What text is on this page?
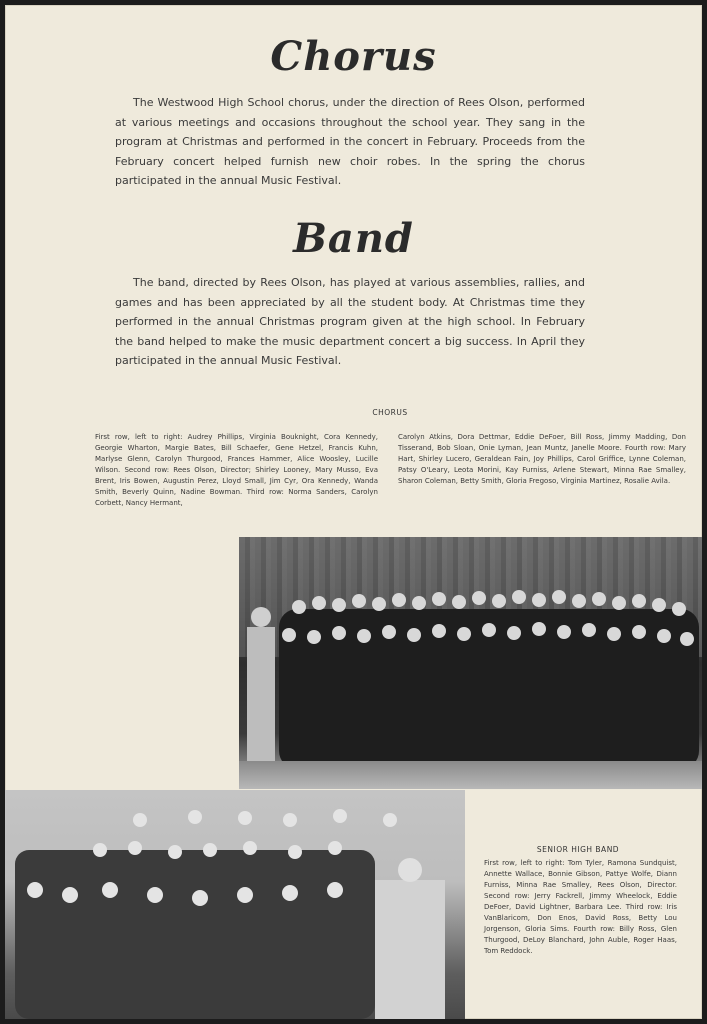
Chorus
The Westwood High School chorus, under the direction of Rees Olson, performed at various meetings and occasions throughout the school year. They sang in the program at Christmas and performed in the concert in February. Proceeds from the February concert helped furnish new choir robes. In the spring the chorus participated in the annual Music Festival.
Band
The band, directed by Rees Olson, has played at various assemblies, rallies, and games and has been appreciated by all the student body. At Christmas time they performed in the annual Christmas program given at the high school. In February the band helped to make the music department concert a big success. In April they participated in the annual Music Festival.
CHORUS
First row, left to right: Audrey Phillips, Virginia Bouknight, Cora Kennedy, Georgie Wharton, Margie Bates, Bill Schaefer, Gene Hetzel, Francis Kuhn, Marlyse Glenn, Carolyn Thurgood, Frances Hammer, Alice Woosley, Lucille Wilson. Second row: Rees Olson, Director; Shirley Looney, Mary Musso, Eva Brent, Iris Bowen, Augustin Perez, Lloyd Small, Jim Cyr, Ora Kennedy, Wanda Smith, Beverly Quinn, Nadine Bowman. Third row: Norma Sanders, Carolyn Corbett, Nancy Hermant,
Carolyn Atkins, Dora Dettmar, Eddie DeFoer, Bill Ross, Jimmy Madding, Don Tisserand, Bob Sloan, Onie Lyman, Jean Muntz, Janelle Moore. Fourth row: Mary Hart, Shirley Lucero, Geraldean Fain, Joy Phillips, Carol Griffice, Lynne Coleman, Patsy O'Leary, Leota Morini, Kay Furniss, Arlene Stewart, Minna Rae Smalley, Sharon Coleman, Betty Smith, Gloria Fregoso, Virginia Martinez, Rosalie Avila.
SENIOR HIGH BAND
First row, left to right: Tom Tyler, Ramona Sundquist, Annette Wallace, Bonnie Gibson, Pattye Wolfe, Diann Furniss, Minna Rae Smalley, Rees Olson, Director. Second row: Jerry Fackrell, Jimmy Wheelock, Eddie DeFoer, David Lightner, Barbara Lee. Third row: Iris VanBlaricom, Don Enos, David Ross, Betty Lou Jorgenson, Gloria Sims. Fourth row: Billy Ross, Glen Thurgood, DeLoy Blanchard, John Auble, Roger Haas, Tom Reddock.
